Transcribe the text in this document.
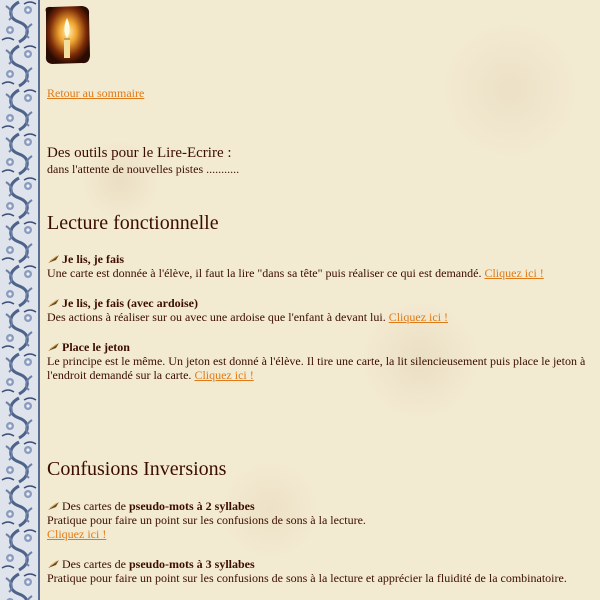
Retour au sommaire
Des outils pour le Lire-Ecrire :
dans l'attente de nouvelles pistes ...........
Lecture fonctionnelle
Je lis, je fais
Une carte est donnée à l'élève, il faut la lire "dans sa tête" puis réaliser ce qui est demandé. Cliquez ici !
Je lis, je fais (avec ardoise)
Des actions à réaliser sur ou avec une ardoise que l'enfant à devant lui. Cliquez ici !
Place le jeton
Le principe est le même. Un jeton est donné à l'élève. Il tire une carte, la lit silencieusement puis place le jeton à l'endroit demandé sur la carte. Cliquez ici !
Confusions Inversions
Des cartes de
pseudo-mots à 2 syllabes
Pratique pour faire un point sur les confusions de sons à la lecture.
Cliquez ici !
Des cartes de
pseudo-mots à 3 syllabes
Pratique pour faire un point sur les confusions de sons à la lecture et apprécier la fluidité de la combinatoire.
